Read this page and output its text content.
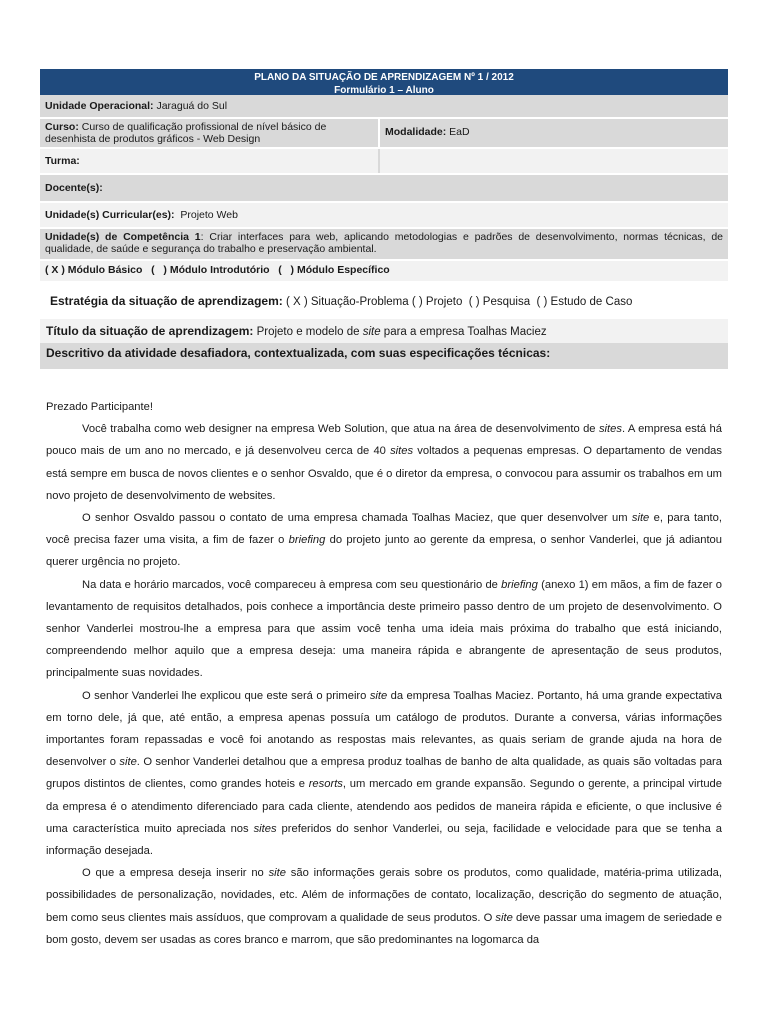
PLANO DA SITUAÇÃO DE APRENDIZAGEM Nº 1 / 2012
Formulário 1 – Aluno
Unidade Operacional: Jaraguá do Sul
Curso: Curso de qualificação profissional de nível básico de desenhista de produtos gráficos - Web Design
Modalidade: EaD
Turma:
Docente(s):
Unidade(s) Curricular(es):  Projeto Web
Unidade(s) de Competência 1: Criar interfaces para web, aplicando metodologias e padrões de desenvolvimento, normas técnicas, de qualidade, de saúde e segurança do trabalho e preservação ambiental.
( X ) Módulo Básico   (   ) Módulo Introdutório   (   ) Módulo Específico
Estratégia da situação de aprendizagem: ( X ) Situação-Problema ( ) Projeto  ( ) Pesquisa  ( ) Estudo de Caso
Título da situação de aprendizagem: Projeto e modelo de site para a empresa Toalhas Maciez
Descritivo da atividade desafiadora, contextualizada, com suas especificações técnicas:

Prezado Participante!

Você trabalha como web designer na empresa Web Solution, que atua na área de desenvolvimento de sites. A empresa está há pouco mais de um ano no mercado, e já desenvolveu cerca de 40 sites voltados a pequenas empresas. O departamento de vendas está sempre em busca de novos clientes e o senhor Osvaldo, que é o diretor da empresa, o convocou para assumir os trabalhos em um novo projeto de desenvolvimento de websites.

O senhor Osvaldo passou o contato de uma empresa chamada Toalhas Maciez, que quer desenvolver um site e, para tanto, você precisa fazer uma visita, a fim de fazer o briefing do projeto junto ao gerente da empresa, o senhor Vanderlei, que já adiantou querer urgência no projeto.

Na data e horário marcados, você compareceu à empresa com seu questionário de briefing (anexo 1) em mãos, a fim de fazer o levantamento de requisitos detalhados, pois conhece a importância deste primeiro passo dentro de um projeto de desenvolvimento. O senhor Vanderlei mostrou-lhe a empresa para que assim você tenha uma ideia mais próxima do trabalho que está iniciando, compreendendo melhor aquilo que a empresa deseja: uma maneira rápida e abrangente de apresentação de seus produtos, principalmente suas novidades.

O senhor Vanderlei lhe explicou que este será o primeiro site da empresa Toalhas Maciez. Portanto, há uma grande expectativa em torno dele, já que, até então, a empresa apenas possuía um catálogo de produtos. Durante a conversa, várias informações importantes foram repassadas e você foi anotando as respostas mais relevantes, as quais seriam de grande ajuda na hora de desenvolver o site. O senhor Vanderlei detalhou que a empresa produz toalhas de banho de alta qualidade, as quais são voltadas para grupos distintos de clientes, como grandes hoteis e resorts, um mercado em grande expansão. Segundo o gerente, a principal virtude da empresa é o atendimento diferenciado para cada cliente, atendendo aos pedidos de maneira rápida e eficiente, o que inclusive é uma característica muito apreciada nos sites preferidos do senhor Vanderlei, ou seja, facilidade e velocidade para que se tenha a informação desejada.

O que a empresa deseja inserir no site são informações gerais sobre os produtos, como qualidade, matéria-prima utilizada, possibilidades de personalização, novidades, etc. Além de informações de contato, localização, descrição do segmento de atuação, bem como seus clientes mais assíduos, que comprovam a qualidade de seus produtos. O site deve passar uma imagem de seriedade e bom gosto, devem ser usadas as cores branco e marrom, que são predominantes na logomarca da
